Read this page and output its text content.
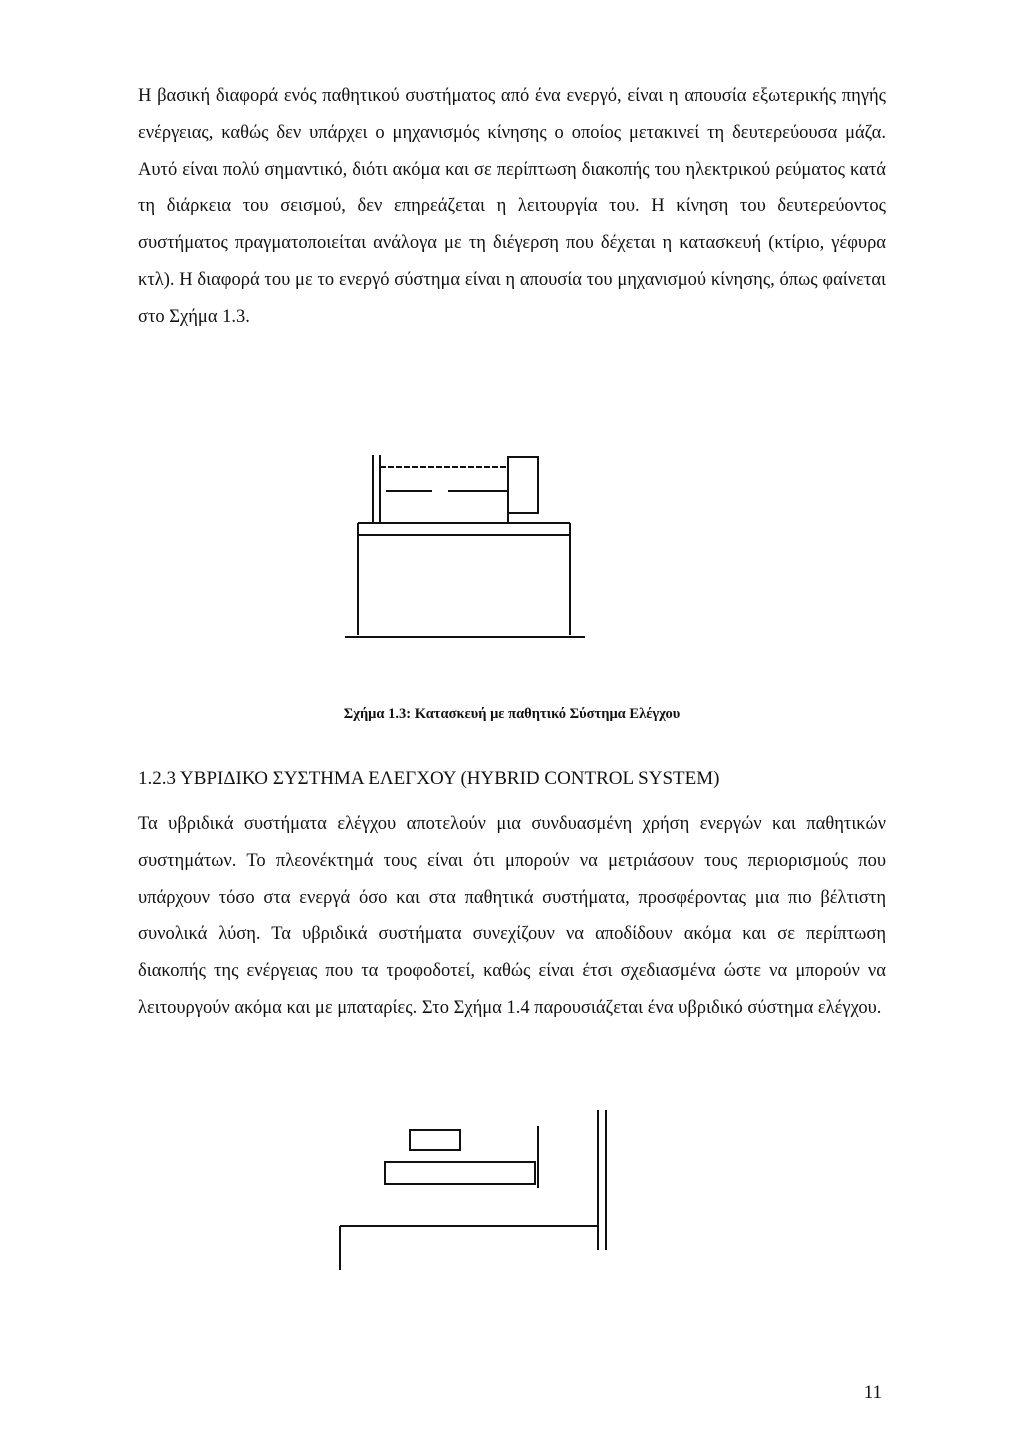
Η βασική διαφορά ενός παθητικού συστήματος από ένα ενεργό, είναι η απουσία εξωτερικής πηγής ενέργειας, καθώς δεν υπάρχει ο μηχανισμός κίνησης ο οποίος μετακινεί τη δευτερεύουσα μάζα. Αυτό είναι πολύ σημαντικό, διότι ακόμα και σε περίπτωση διακοπής του ηλεκτρικού ρεύματος κατά τη διάρκεια του σεισμού, δεν επηρεάζεται η λειτουργία του. Η κίνηση του δευτερεύοντος συστήματος πραγματοποιείται ανάλογα με τη διέγερση που δέχεται η κατασκευή (κτίριο, γέφυρα κτλ). Η διαφορά του με το ενεργό σύστημα είναι η απουσία του μηχανισμού κίνησης, όπως φαίνεται στο Σχήμα 1.3.

Σχήμα 1.3: Κατασκευή με παθητικό Σύστημα Ελέγχου
1.2.3 ΥΒΡΙΔΙΚΟ ΣΥΣΤΗΜΑ ΕΛΕΓΧΟΥ (HYBRID CONTROL SYSTEM)

Τα υβριδικά συστήματα ελέγχου αποτελούν μια συνδυασμένη χρήση ενεργών και παθητικών συστημάτων. Το πλεονέκτημά τους είναι ότι μπορούν να μετριάσουν τους περιορισμούς που υπάρχουν τόσο στα ενεργά όσο και στα παθητικά συστήματα, προσφέροντας μια πιο βέλτιστη συνολικά λύση. Τα υβριδικά συστήματα συνεχίζουν να αποδίδουν ακόμα και σε περίπτωση διακοπής της ενέργειας που τα τροφοδοτεί, καθώς είναι έτσι σχεδιασμένα ώστε να μπορούν να λειτουργούν ακόμα και με μπαταρίες. Στο Σχήμα 1.4 παρουσιάζεται ένα υβριδικό σύστημα ελέγχου.

11
